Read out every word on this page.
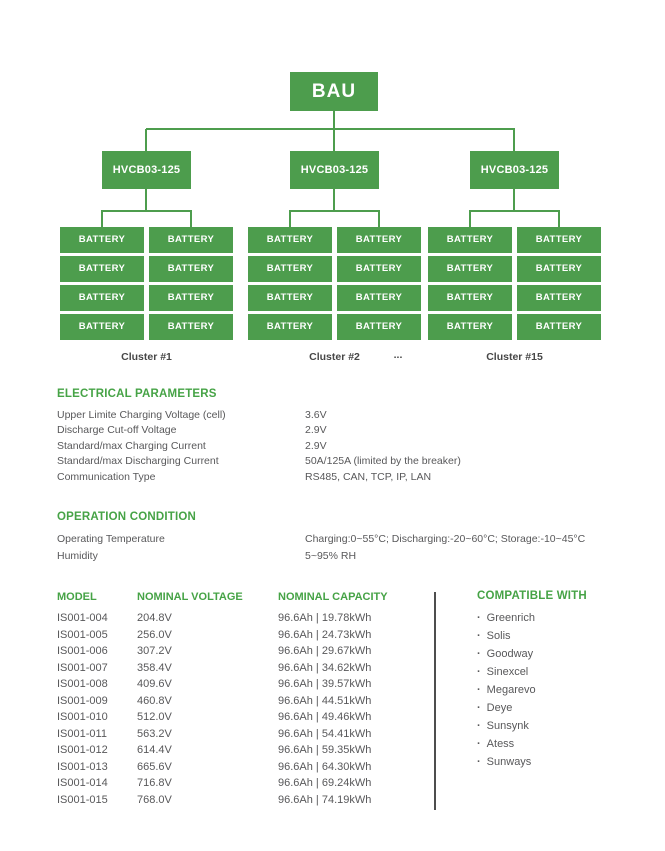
BAU
HVCB03-125
BATTERY	BATTERY
BATTERY	BATTERY
BATTERY	BATTERY
BATTERY	BATTERY
Cluster #1
HVCB03-125
BATTERY	BATTERY
BATTERY	BATTERY
BATTERY	BATTERY
BATTERY	BATTERY
Cluster #2
HVCB03-125
BATTERY	BATTERY
BATTERY	BATTERY
BATTERY	BATTERY
BATTERY	BATTERY
Cluster #15
...
ELECTRICAL PARAMETERS
Upper Limite Charging Voltage (cell)	3.6V
Discharge Cut-off Voltage	2.9V
Standard/max Charging Current	2.9V
Standard/max Discharging Current	50A/125A (limited by the breaker)
Communication Type	RS485, CAN, TCP, IP, LAN
OPERATION CONDITION
Operating Temperature	Charging:0~55°C; Discharging:-20~60°C; Storage:-10~45°C
Humidity	5~95% RH
MODEL	NOMINAL VOLTAGE	NOMINAL CAPACITY
IS001-004	204.8V	96.6Ah | 19.78kWh
IS001-005	256.0V	96.6Ah | 24.73kWh
IS001-006	307.2V	96.6Ah | 29.67kWh
IS001-007	358.4V	96.6Ah | 34.62kWh
IS001-008	409.6V	96.6Ah | 39.57kWh
IS001-009	460.8V	96.6Ah | 44.51kWh
IS001-010	512.0V	96.6Ah | 49.46kWh
IS001-011	563.2V	96.6Ah | 54.41kWh
IS001-012	614.4V	96.6Ah | 59.35kWh
IS001-013	665.6V	96.6Ah | 64.30kWh
IS001-014	716.8V	96.6Ah | 69.24kWh
IS001-015	768.0V	96.6Ah | 74.19kWh
COMPATIBLE WITH
· Greenrich
· Solis
· Goodway
· Sinexcel
· Megarevo
· Deye
· Sunsynk
· Atess
· Sunways
